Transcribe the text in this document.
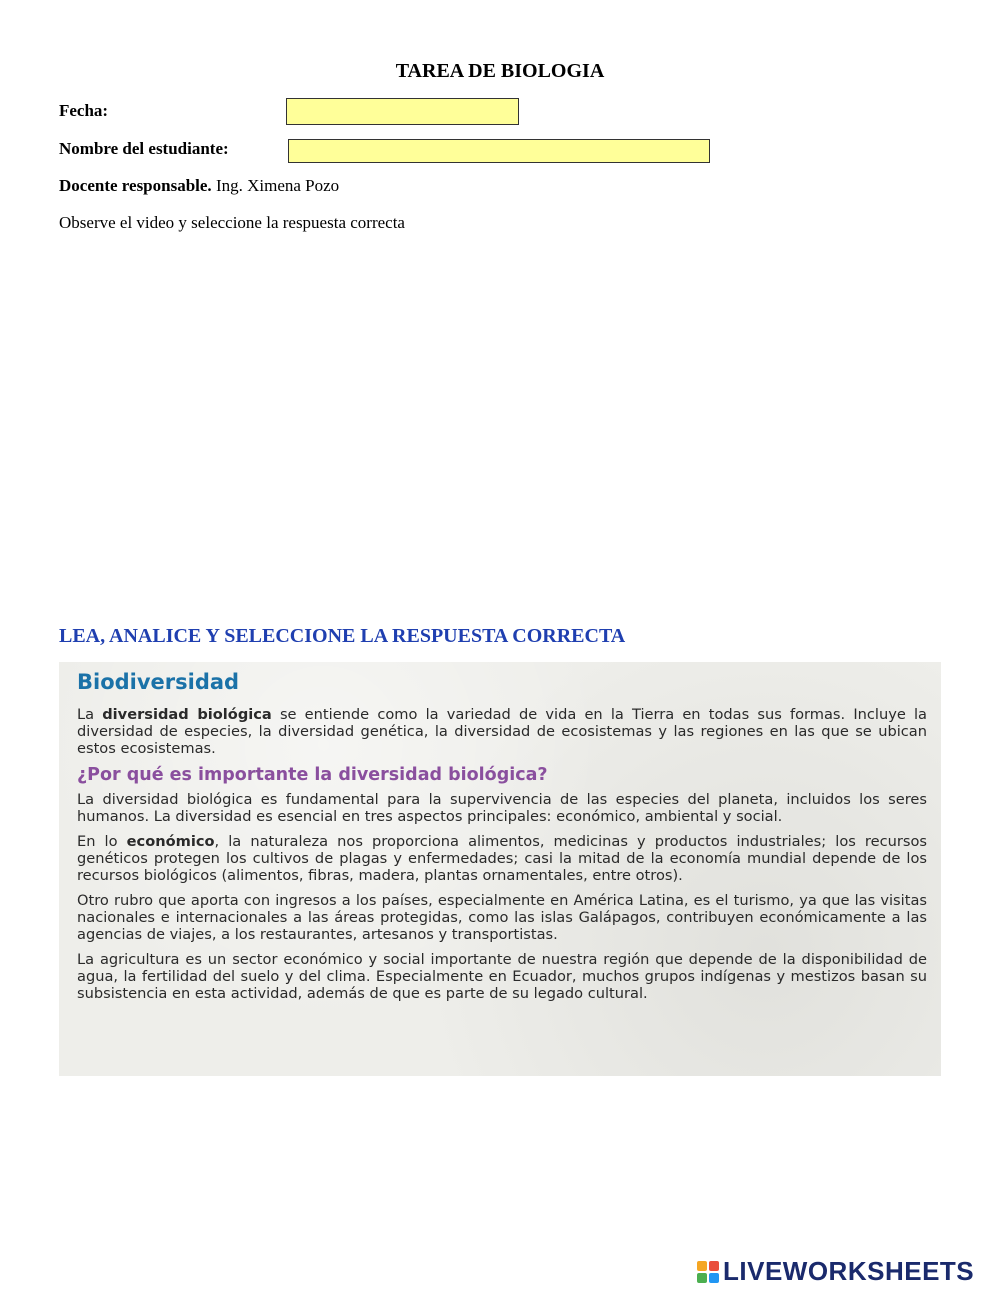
TAREA DE BIOLOGIA
Fecha:
Nombre del estudiante:
Docente responsable. Ing. Ximena Pozo
Observe el video y seleccione la respuesta correcta
LEA, ANALICE Y SELECCIONE LA RESPUESTA CORRECTA
Biodiversidad

La diversidad biológica se entiende como la variedad de vida en la Tierra en todas sus formas. Incluye la diversidad de especies, la diversidad genética, la diversidad de ecosistemas y las regiones en las que se ubican estos ecosistemas.

¿Por qué es importante la diversidad biológica?

La diversidad biológica es fundamental para la supervivencia de las especies del planeta, incluidos los seres humanos. La diversidad es esencial en tres aspectos principales: económico, ambiental y social.

En lo económico, la naturaleza nos proporciona alimentos, medicinas y productos industriales; los recursos genéticos protegen los cultivos de plagas y enfermedades; casi la mitad de la economía mundial depende de los recursos biológicos (alimentos, fibras, madera, plantas ornamentales, entre otros).

Otro rubro que aporta con ingresos a los países, especialmente en América Latina, es el turismo, ya que las visitas nacionales e internacionales a las áreas protegidas, como las islas Galápagos, contribuyen económicamente a las agencias de viajes, a los restaurantes, artesanos y transportistas.

La agricultura es un sector económico y social importante de nuestra región que depende de la disponibilidad de agua, la fertilidad del suelo y del clima. Especialmente en Ecuador, muchos grupos indígenas y mestizos basan su subsistencia en esta actividad, además de que es parte de su legado cultural.

LIVEWORKSHEETS
